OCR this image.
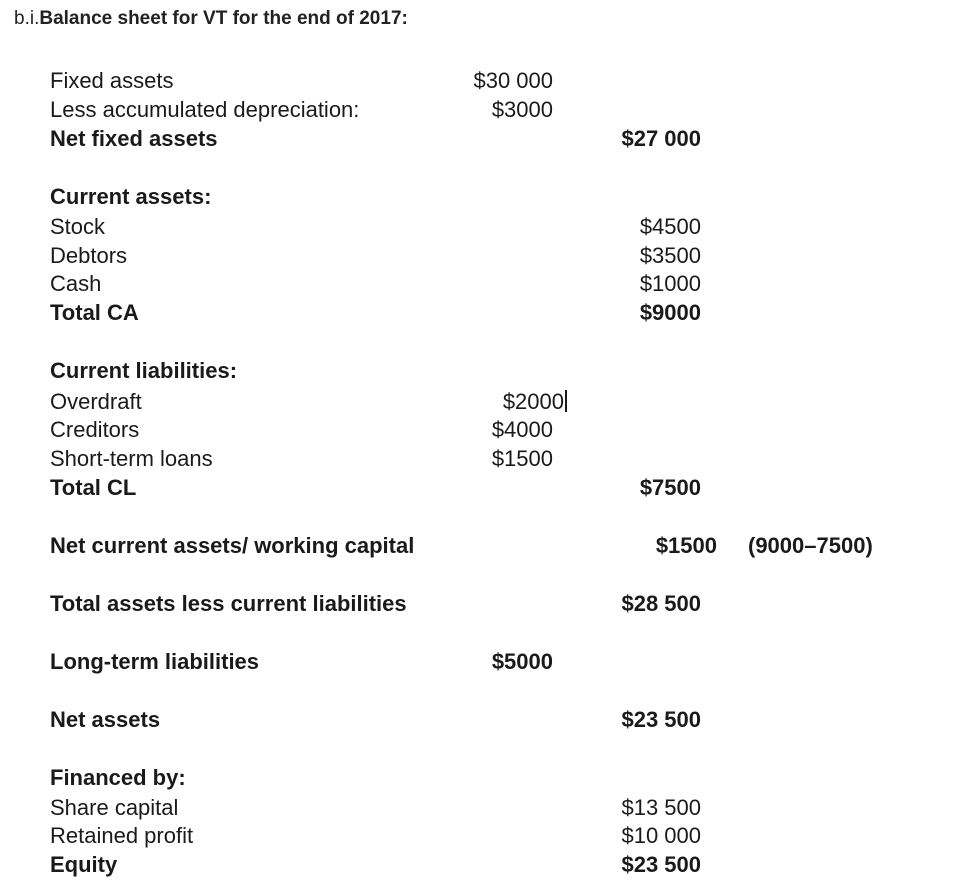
b.i.Balance sheet for VT for the end of 2017:
Fixed assets	$30 000
Less accumulated depreciation:	$3000
Net fixed assets	$27 000
Current assets:
Stock	$4500
Debtors	$3500
Cash	$1000
Total CA	$9000
Current liabilities:
Overdraft	$2000
Creditors	$4000
Short-term loans	$1500
Total CL	$7500
Net current assets/ working capital	$1500 (9000–7500)
Total assets less current liabilities	$28 500
Long-term liabilities	$5000
Net assets	$23 500
Financed by:
Share capital	$13 500
Retained profit	$10 000
Equity	$23 500
